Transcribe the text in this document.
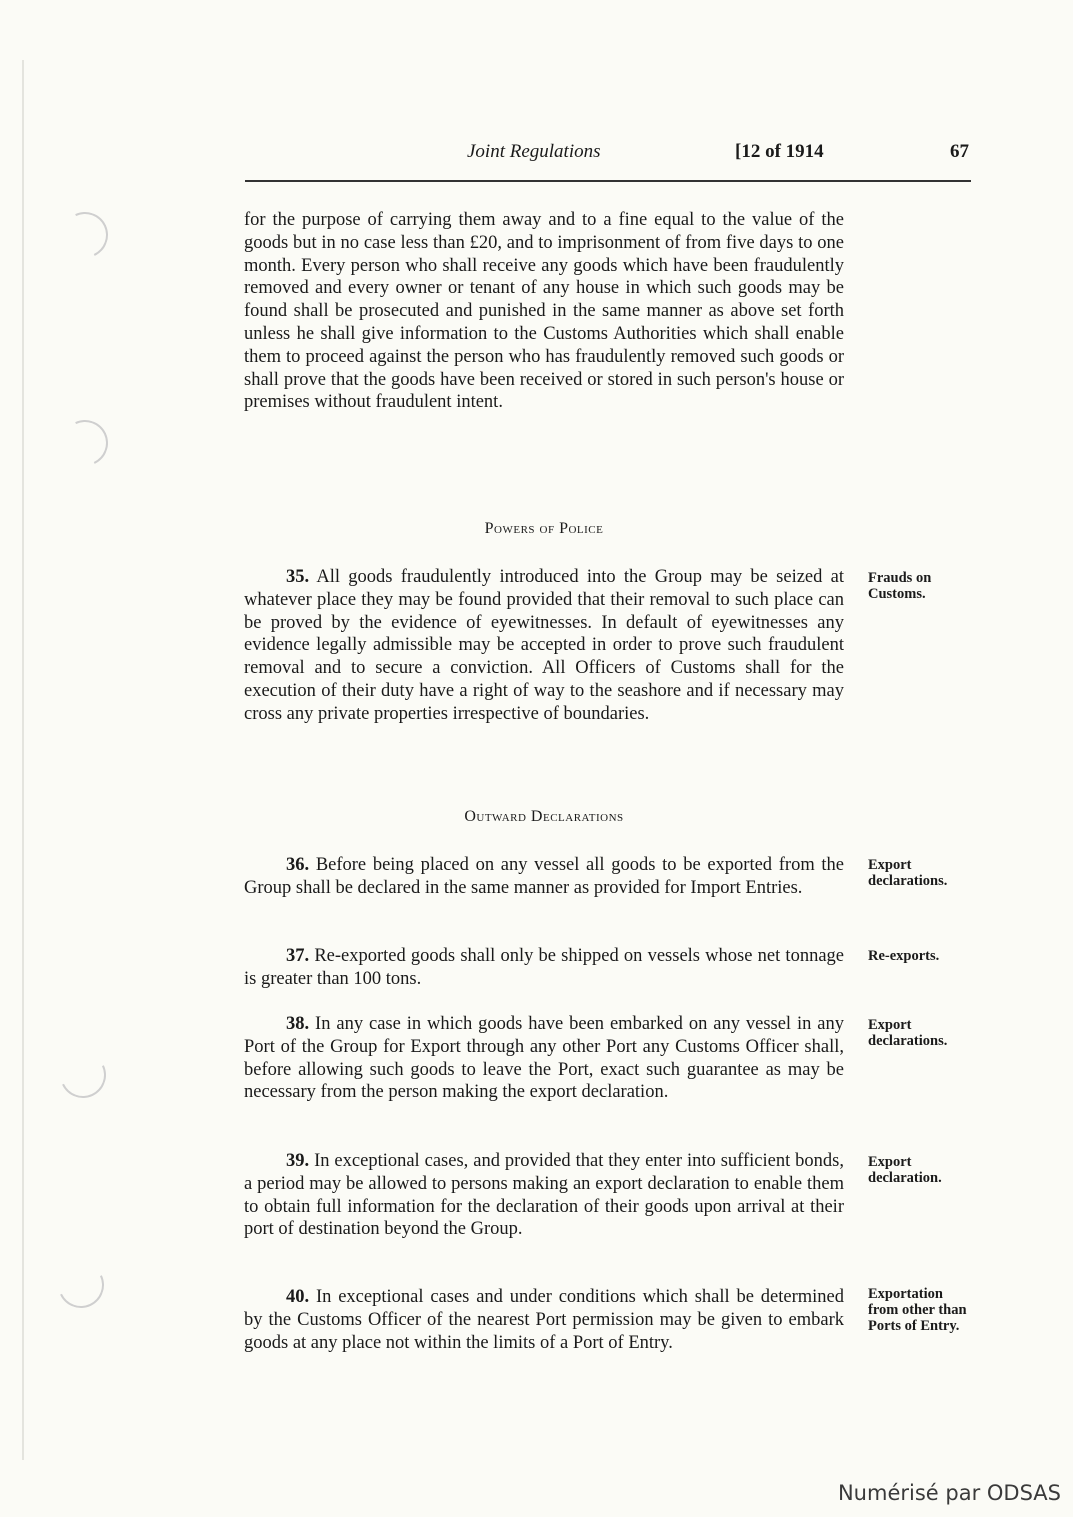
Joint Regulations	[12 of 1914	67

for the purpose of carrying them away and to a fine equal to the value of the goods but in no case less than £20, and to imprisonment of from five days to one month. Every person who shall receive any goods which have been fraudulently removed and every owner or tenant of any house in which such goods may be found shall be prosecuted and punished in the same manner as above set forth unless he shall give information to the Customs Authorities which shall enable them to proceed against the person who has fraudulently removed such goods or shall prove that the goods have been received or stored in such person's house or premises without fraudulent intent.

Powers of Police

35. All goods fraudulently introduced into the Group may be seized at whatever place they may be found provided that their removal to such place can be proved by the evidence of eyewitnesses. In default of eyewitnesses any evidence legally admissible may be accepted in order to prove such fraudulent removal and to secure a conviction. All Officers of Customs shall for the execution of their duty have a right of way to the seashore and if necessary may cross any private properties irrespective of boundaries.

Frauds on Customs.
Outward Declarations

36. Before being placed on any vessel all goods to be exported from the Group shall be declared in the same manner as provided for Import Entries.

Export declarations.

37. Re-exported goods shall only be shipped on vessels whose net tonnage is greater than 100 tons.

Re-exports.

38. In any case in which goods have been embarked on any vessel in any Port of the Group for Export through any other Port any Customs Officer shall, before allowing such goods to leave the Port, exact such guarantee as may be necessary from the person making the export declaration.

Export declarations.

39. In exceptional cases, and provided that they enter into sufficient bonds, a period may be allowed to persons making an export declaration to enable them to obtain full information for the declaration of their goods upon arrival at their port of destination beyond the Group.

Export declaration.

40. In exceptional cases and under conditions which shall be determined by the Customs Officer of the nearest Port permission may be given to embark goods at any place not within the limits of a Port of Entry.

Exportation from other than Ports of Entry.
Numérisé par ODSAS
